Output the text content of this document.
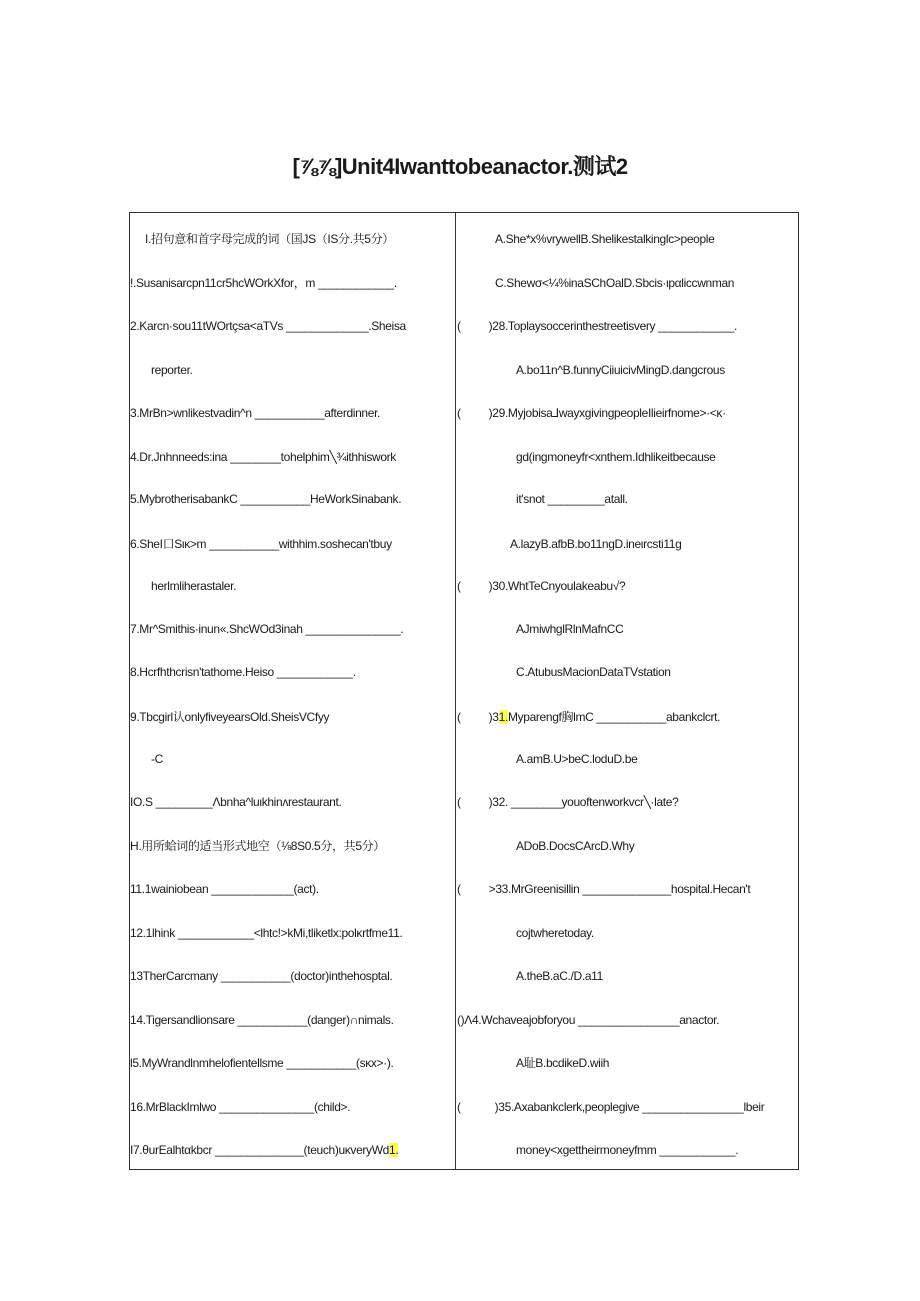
[⅞⅞]Unit4Iwanttobeanactor.测试2
I.招句意和首字母完成的词（国JS（IS分.共5分）
!.Susanisarcpn11cr5hcWOrkXfor，m ____________.
2.Karcn·sou11tWOrtçsa<aTVs _____________.Sheisa
reporter.
3.MrBn>wnlikestvadin^n ___________afterdinner.
4.Dr.Jnhnneeds:ina ________tohelphim╲¾ithhiswork
5.MybrotherisabankC ___________HeWorkSinabank.
6.SheI口Sικ>m ___________withhim.soshecan'tbuy
herlmliherastaler.
7.Mr^Smithis·inun«.ShcWOd3inah _______________.
8.Hcrfhthcrisn'tathome.Heiso ____________.
9.Tbcgirl认onlyfiveyearsOld.SheisVCfyy
-C
IO.S _________Λbnha^luιkhinʌrestaurant.
H.用所蛤词的适当形式地空（⅛8S0.5分，共5分）
11.1wainiobean _____________(act).
12.1lhink ____________<lhtc!>kMi,tliketlx:polκrtfme11.
13TherCarcmany ___________(doctor)inthehosptal.
14.Tigersandlionsare ___________(danger)∩nimals.
l5.MyWrandlnmhelofientellsme ___________(sκx>·).
16.MrBlackImlwo _______________(child>.
I7.θurEalhtαkbcr ______________(teuch)uκveryWd1.
A.She*x%vrywellB.Shelikestalkinglc>people
C.Shewσ<¼%inaSChOalD.Sbcis·ιpαlicсwnman
( )28.Toplaysoccerinthestreetisvery ____________.
A.bo11n^B.funnyCiiuicivMingD.dangcrous
( )29.Myjobisa⅃wayxgivingpeopleIlieirfnome>·<κ·
gd(ingmoneyfr<xnthem.Idhlikeitbecause
it'snot _________atall.
A.lazyB.afbB.bo11ngD.ineιrcsti11g
( )30.WhtTeCnyoulakeabu√?
AJmiwhglRlnMafnCC
C.AtubusMacionDataTVstation
( )31.Myparengf胸lmC ___________abankclcrt.
A.amB.U>beC.loduD.be
( )32. ________youoftenworkvcr╲·late?
ADoB.DocsCArcD.Why
( >33.MrGreenisillin ______________hospital.Hecan't
cojtwheretoday.
A.theB.aC./D.a11
()Λ4.Wchaveajobforyou ________________anactor.
A耻B.bcdikeD.wiih
(	)35.Axabankclerk,peoplegive ________________lbeir
money<xgettheirmoneyfmm ____________.
